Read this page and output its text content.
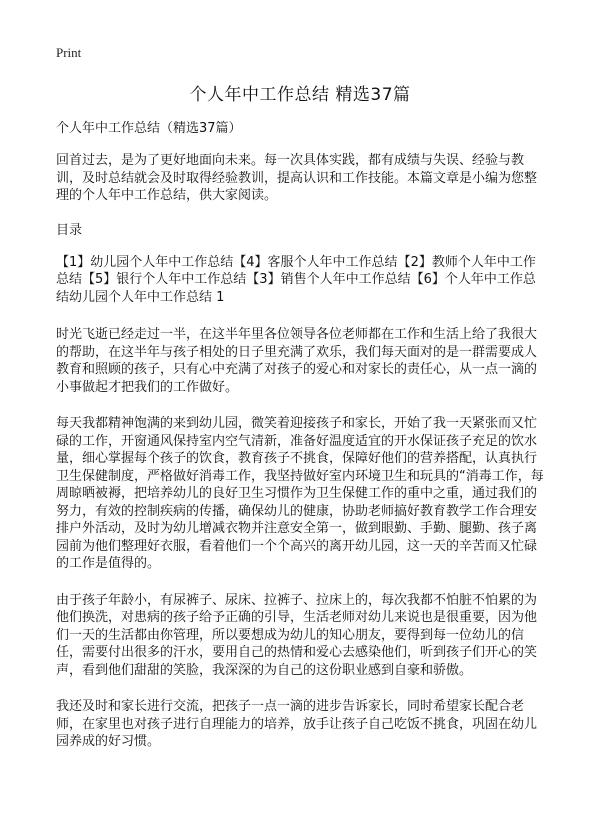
Print
个人年中工作总结 精选37篇
个人年中工作总结（精选37篇）
回首过去，是为了更好地面向未来。每一次具体实践，都有成绩与失误、经验与教训，及时总结就会及时取得经验教训，提高认识和工作技能。本篇文章是小编为您整理的个人年中工作总结，供大家阅读。
目录
【1】幼儿园个人年中工作总结【4】客服个人年中工作总结【2】教师个人年中工作总结【5】银行个人年中工作总结【3】销售个人年中工作总结【6】个人年中工作总结幼儿园个人年中工作总结 1
时光飞逝已经走过一半，在这半年里各位领导各位老师都在工作和生活上给了我很大的帮助，在这半年与孩子相处的日子里充满了欢乐，我们每天面对的是一群需要成人教育和照顾的孩子，只有心中充满了对孩子的爱心和对家长的责任心，从一点一滴的小事做起才把我们的工作做好。
每天我都精神饱满的来到幼儿园，微笑着迎接孩子和家长，开始了我一天紧张而又忙碌的工作，开窗通风保持室内空气清新，准备好温度适宜的开水保证孩子充足的饮水量，细心掌握每个孩子的饮食，教育孩子不挑食，保障好他们的营养搭配，认真执行卫生保健制度，严格做好消毒工作，我坚持做好室内环境卫生和玩具的“消毒工作，每周晾晒被褥，把培养幼儿的良好卫生习惯作为卫生保健工作的重中之重，通过我们的努力，有效的控制疾病的传播，确保幼儿的健康，协助老师搞好教育教学工作合理安排户外活动，及时为幼儿增减衣物并注意安全第一，做到眼勤、手勤、腿勤、孩子离园前为他们整理好衣服，看着他们一个个高兴的离开幼儿园，这一天的辛苦而又忙碌的工作是值得的。
由于孩子年龄小，有尿裤子、尿床、拉裤子、拉床上的，每次我都不怕脏不怕累的为他们换洗，对患病的孩子给予正确的引导，生活老师对幼儿来说也是很重要，因为他们一天的生活都由你管理，所以要想成为幼儿的知心朋友，要得到每一位幼儿的信任，需要付出很多的汗水，要用自己的热情和爱心去感染他们，听到孩子们开心的笑声，看到他们甜甜的笑脸，我深深的为自己的这份职业感到自豪和骄傲。
我还及时和家长进行交流，把孩子一点一滴的进步告诉家长，同时希望家长配合老师，在家里也对孩子进行自理能力的培养，放手让孩子自己吃饭不挑食，巩固在幼儿园养成的好习惯。
